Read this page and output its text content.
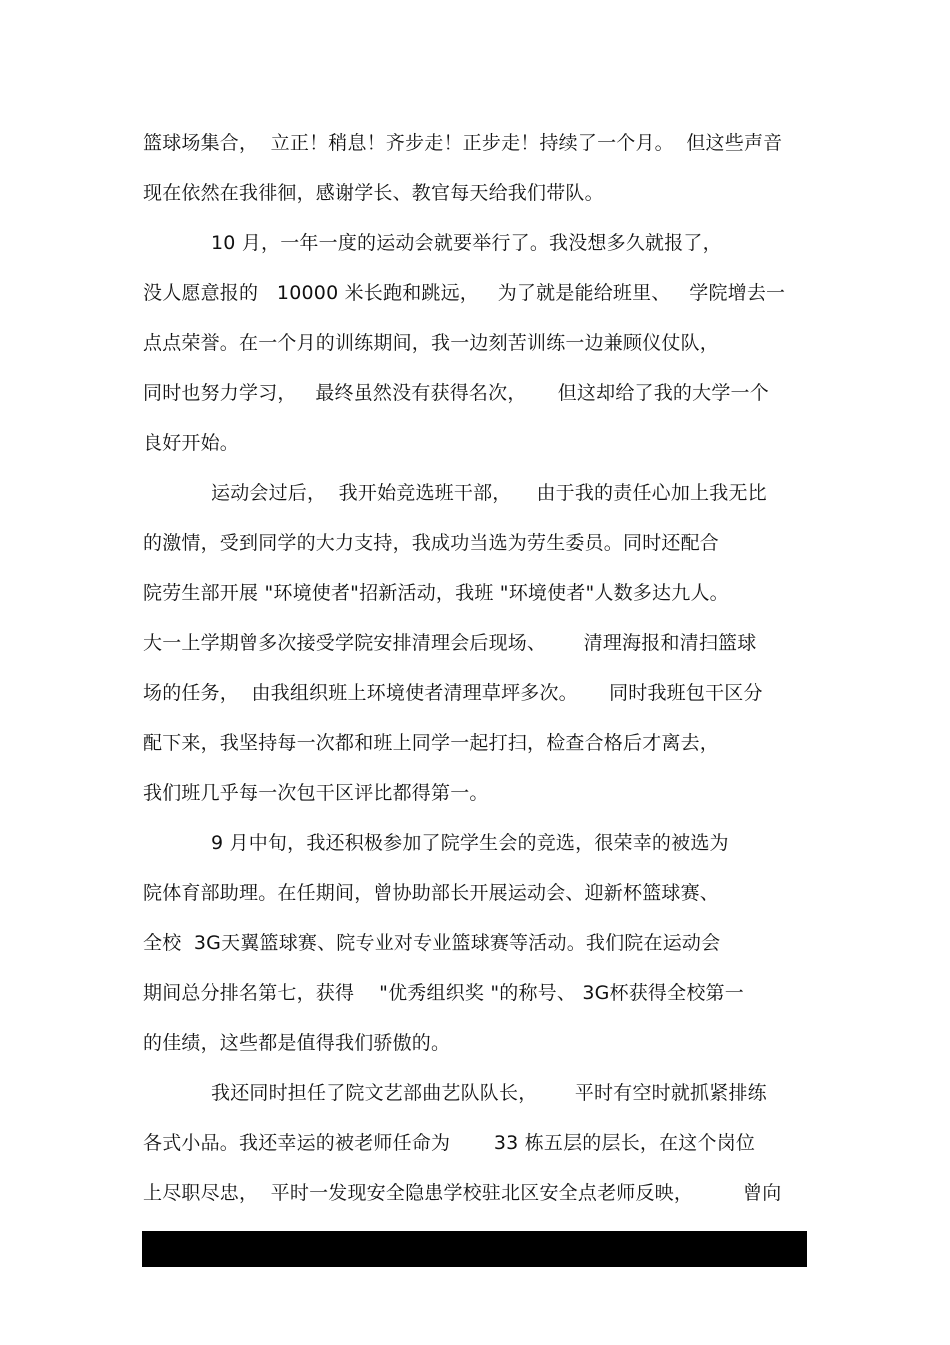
篮球场集合，  立正！稍息！齐步走！正步走！持续了一个月。  但这些声音
现在依然在我徘徊，感谢学长、教官每天给我们带队。
10 月，一年一度的运动会就要举行了。我没想多久就报了，
没人愿意报的   10000 米长跑和跳远，   为了就是能给班里、   学院增去一
点点荣誉。在一个月的训练期间，我一边刻苦训练一边兼顾仪仗队，
同时也努力学习，   最终虽然没有获得名次，     但这却给了我的大学一个
良好开始。
运动会过后，  我开始竞选班干部，    由于我的责任心加上我无比
的激情，受到同学的大力支持，我成功当选为劳生委员。同时还配合
院劳生部开展 "环境使者"招新活动，我班 "环境使者"人数多达九人。
大一上学期曾多次接受学院安排清理会后现场、      清理海报和清扫篮球
场的任务，  由我组织班上环境使者清理草坪多次。     同时我班包干区分
配下来，我坚持每一次都和班上同学一起打扫，检查合格后才离去，
我们班几乎每一次包干区评比都得第一。
9 月中旬，我还积极参加了院学生会的竞选，很荣幸的被选为
院体育部助理。在任期间，曾协助部长开展运动会、迎新杯篮球赛、
全校  3G天翼篮球赛、院专业对专业篮球赛等活动。我们院在运动会
期间总分排名第七，获得    "优秀组织奖 "的称号、 3G杯获得全校第一
的佳绩，这些都是值得我们骄傲的。
我还同时担任了院文艺部曲艺队队长，      平时有空时就抓紧排练
各式小品。我还幸运的被老师任命为       33 栋五层的层长，在这个岗位
上尽职尽忠，  平时一发现安全隐患学校驻北区安全点老师反映，        曾向
